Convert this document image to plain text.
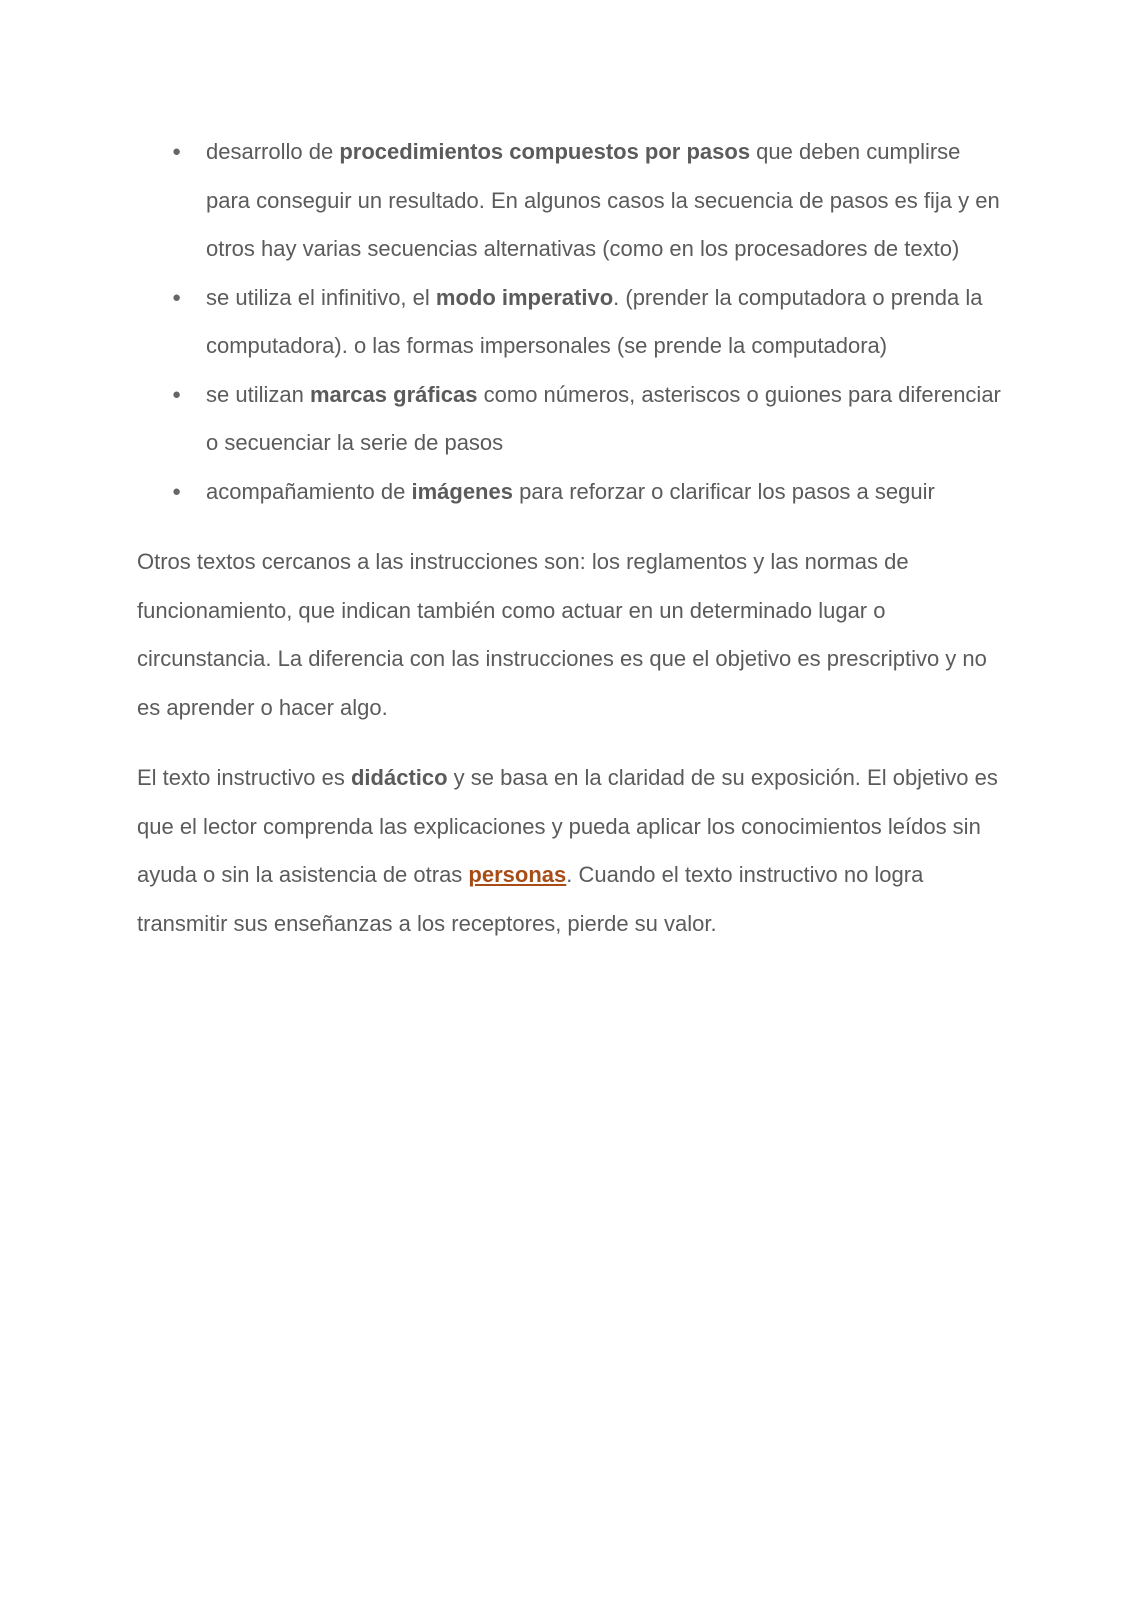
● desarrollo de procedimientos compuestos por pasos que deben cumplirse para conseguir un resultado. En algunos casos la secuencia de pasos es fija y en otros hay varias secuencias alternativas (como en los procesadores de texto)
● se utiliza el infinitivo, el modo imperativo. (prender la computadora o prenda la computadora). o las formas impersonales (se prende la computadora)
● se utilizan marcas gráficas como números, asteriscos o guiones para diferenciar o secuenciar la serie de pasos
● acompañamiento de imágenes para reforzar o clarificar los pasos a seguir

Otros textos cercanos a las instrucciones son: los reglamentos y las normas de funcionamiento, que indican también como actuar en un determinado lugar o circunstancia. La diferencia con las instrucciones es que el objetivo es prescriptivo y no es aprender o hacer algo.

El texto instructivo es didáctico y se basa en la claridad de su exposición. El objetivo es que el lector comprenda las explicaciones y pueda aplicar los conocimientos leídos sin ayuda o sin la asistencia de otras personas. Cuando el texto instructivo no logra transmitir sus enseñanzas a los receptores, pierde su valor.
